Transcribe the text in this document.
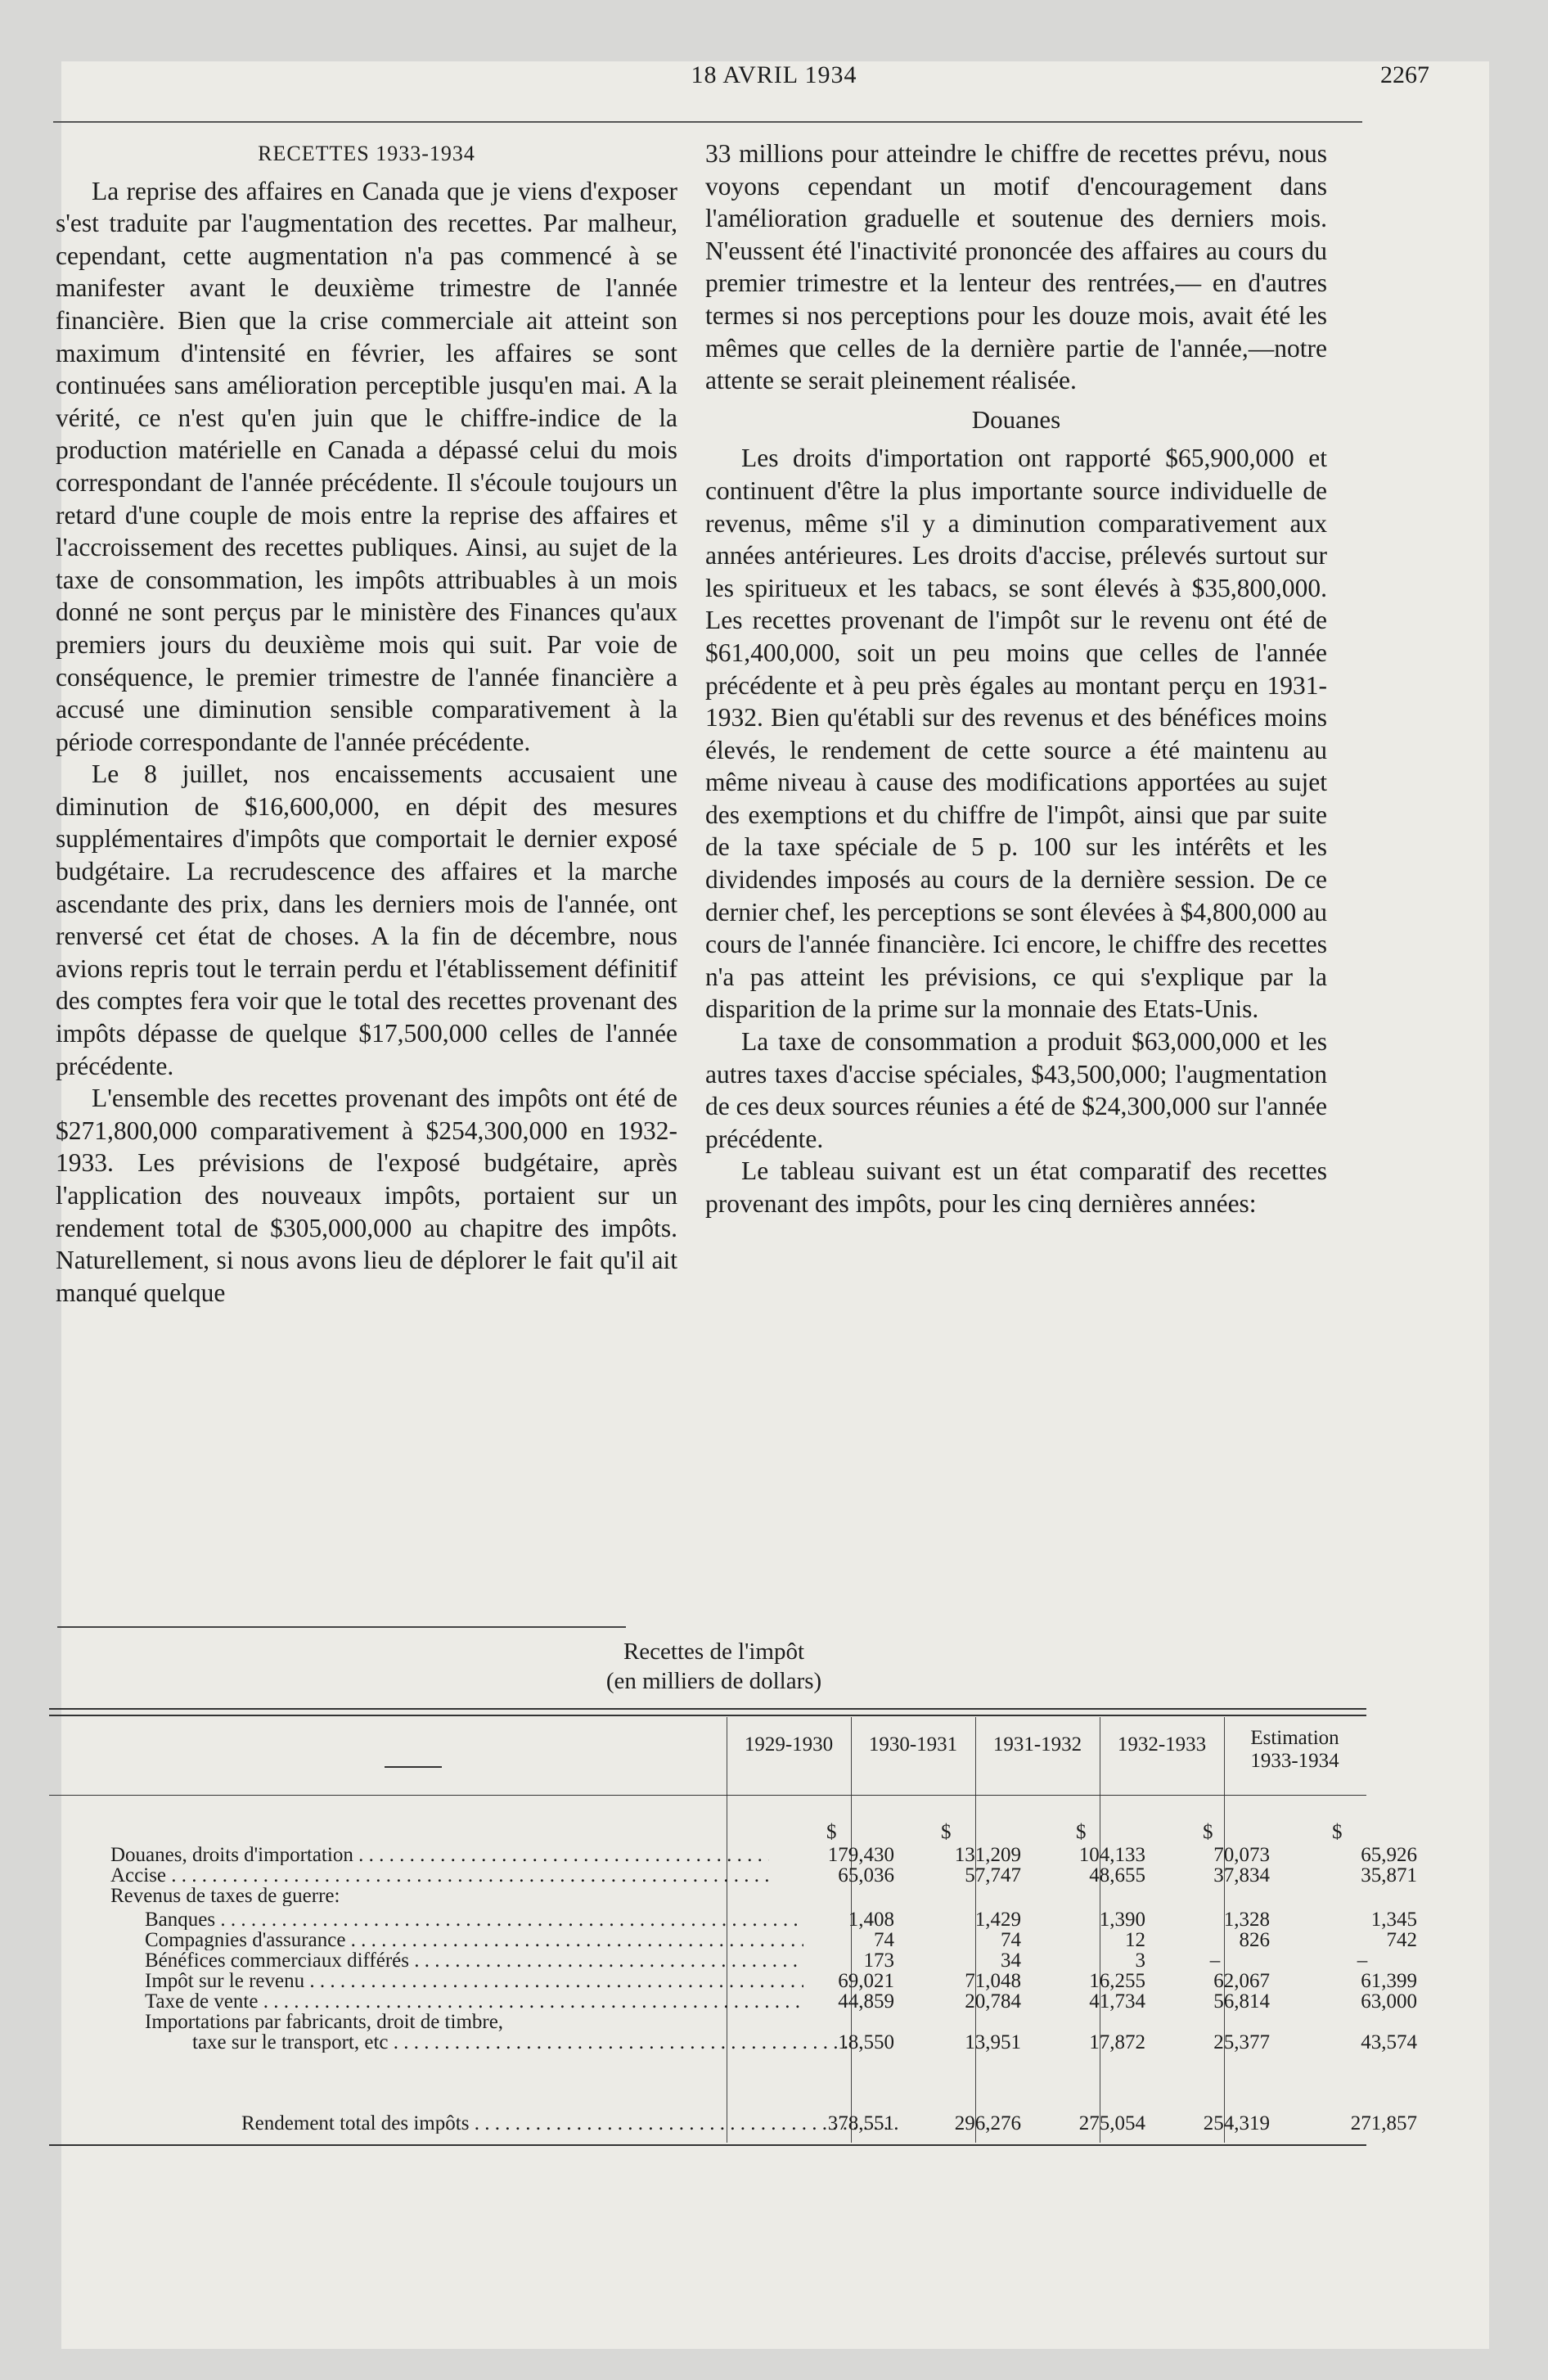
18 AVRIL 1934	2267
RECETTES 1933-1934

La reprise des affaires en Canada que je viens d'exposer s'est traduite par l'augmentation des recettes. Par malheur, cependant, cette augmentation n'a pas commencé à se manifester avant le deuxième trimestre de l'année financière. Bien que la crise commerciale ait atteint son maximum d'intensité en février, les affaires se sont continuées sans amélioration perceptible jusqu'en mai. A la vérité, ce n'est qu'en juin que le chiffre-indice de la production matérielle en Canada a dépassé celui du mois correspondant de l'année précédente. Il s'écoule toujours un retard d'une couple de mois entre la reprise des affaires et l'accroissement des recettes publiques. Ainsi, au sujet de la taxe de consommation, les impôts attribuables à un mois donné ne sont perçus par le ministère des Finances qu'aux premiers jours du deuxième mois qui suit. Par voie de conséquence, le premier trimestre de l'année financière a accusé une diminution sensible comparativement à la période correspondante de l'année précédente.

Le 8 juillet, nos encaissements accusaient une diminution de $16,600,000, en dépit des mesures supplémentaires d'impôts que comportait le dernier exposé budgétaire. La recrudescence des affaires et la marche ascendante des prix, dans les derniers mois de l'année, ont renversé cet état de choses. A la fin de décembre, nous avions repris tout le terrain perdu et l'établissement définitif des comptes fera voir que le total des recettes provenant des impôts dépasse de quelque $17,500,000 celles de l'année précédente.

L'ensemble des recettes provenant des impôts ont été de $271,800,000 comparativement à $254,300,000 en 1932-1933. Les prévisions de l'exposé budgétaire, après l'application des nouveaux impôts, portaient sur un rendement total de $305,000,000 au chapitre des impôts. Naturellement, si nous avons lieu de déplorer le fait qu'il ait manqué quelque

33 millions pour atteindre le chiffre de recettes prévu, nous voyons cependant un motif d'encouragement dans l'amélioration graduelle et soutenue des derniers mois. N'eussent été l'inactivité prononcée des affaires au cours du premier trimestre et la lenteur des rentrées,— en d'autres termes si nos perceptions pour les douze mois, avait été les mêmes que celles de la dernière partie de l'année,—notre attente se serait pleinement réalisée.

Douanes

Les droits d'importation ont rapporté $65,900,000 et continuent d'être la plus importante source individuelle de revenus, même s'il y a diminution comparativement aux années antérieures. Les droits d'accise, prélevés surtout sur les spiritueux et les tabacs, se sont élevés à $35,800,000. Les recettes provenant de l'impôt sur le revenu ont été de $61,400,000, soit un peu moins que celles de l'année précédente et à peu près égales au montant perçu en 1931-1932. Bien qu'établi sur des revenus et des bénéfices moins élevés, le rendement de cette source a été maintenu au même niveau à cause des modifications apportées au sujet des exemptions et du chiffre de l'impôt, ainsi que par suite de la taxe spéciale de 5 p. 100 sur les intérêts et les dividendes imposés au cours de la dernière session. De ce dernier chef, les perceptions se sont élevées à $4,800,000 au cours de l'année financière. Ici encore, le chiffre des recettes n'a pas atteint les prévisions, ce qui s'explique par la disparition de la prime sur la monnaie des Etats-Unis.

La taxe de consommation a produit $63,000,000 et les autres taxes d'accise spéciales, $43,500,000; l'augmentation de ces deux sources réunies a été de $24,300,000 sur l'année précédente.

Le tableau suivant est un état comparatif des recettes provenant des impôts, pour les cinq dernières années:

Recettes de l'impôt
(en milliers de dollars)
1929-1930	1930-1931	1931-1932	1932-1933	Estimation
1933-1934
$	$	$	$	$
Douanes, droits d'importation . . .	179,430	131,209	104,133	70,073	65,926
Accise . . .	65,036	57,747	48,655	37,834	35,871
Revenus de taxes de guerre:
Banques . . .	1,408	1,429	1,390	1,328	1,345
Compagnies d'assurance . . .	74	74	12	826	742
Bénéfices commerciaux différés . . .	173	34	3	–	–
Impôt sur le revenu . . .	69,021	71,048	16,255	62,067	61,399
Taxe de vente . . .	44,859	20,784	41,734	56,814	63,000
Importations par fabricants, droit de timbre,
taxe sur le transport, etc . . .	18,550	13,951	17,872	25,377	43,574
Rendement total des impôts . . .	378,551	296,276	275,054	254,319	271,857
